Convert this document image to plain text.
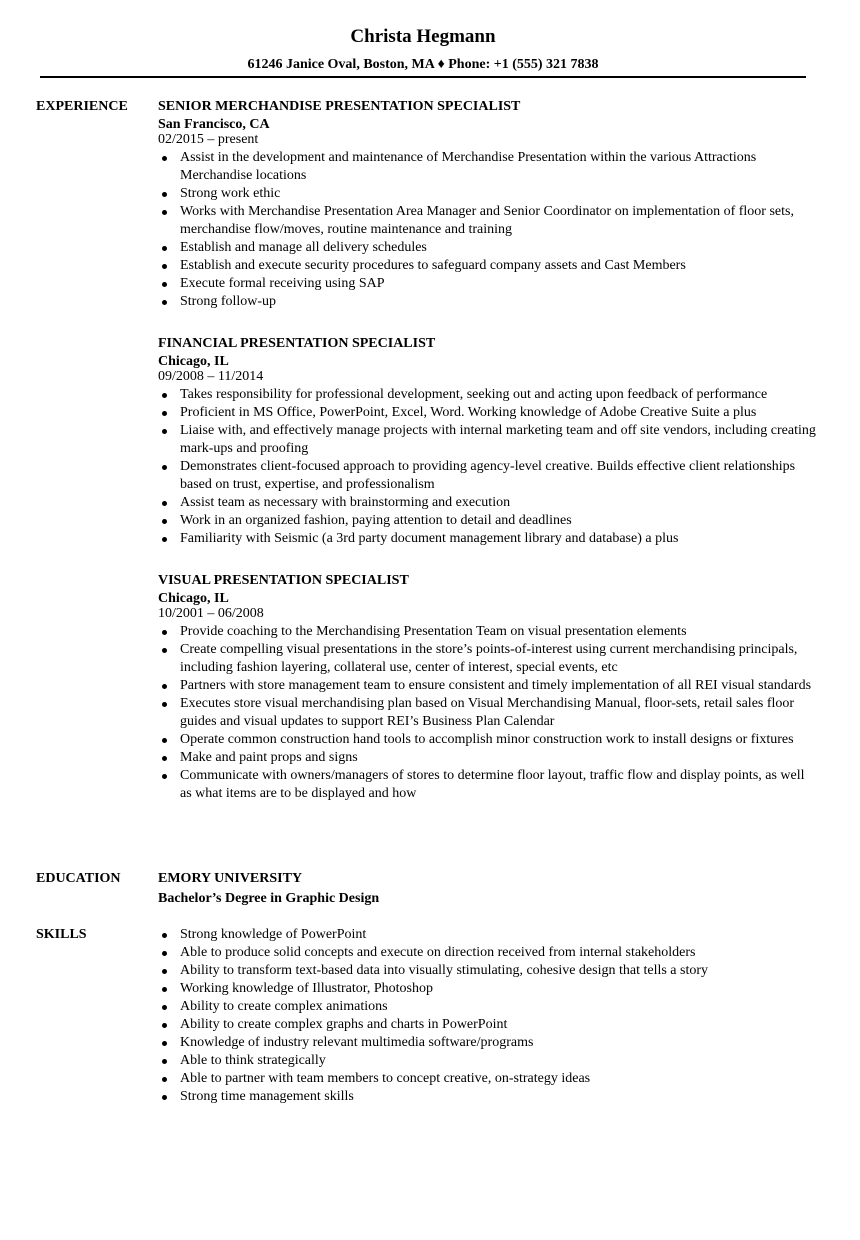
Christa Hegmann
61246 Janice Oval, Boston, MA ♦ Phone: +1 (555) 321 7838
EXPERIENCE SENIOR MERCHANDISE PRESENTATION SPECIALIST
San Francisco, CA
02/2015 – present
Assist in the development and maintenance of Merchandise Presentation within the various Attractions Merchandise locations
Strong work ethic
Works with Merchandise Presentation Area Manager and Senior Coordinator on implementation of floor sets, merchandise flow/moves, routine maintenance and training
Establish and manage all delivery schedules
Establish and execute security procedures to safeguard company assets and Cast Members
Execute formal receiving using SAP
Strong follow-up
FINANCIAL PRESENTATION SPECIALIST
Chicago, IL
09/2008 – 11/2014
Takes responsibility for professional development, seeking out and acting upon feedback of performance
Proficient in MS Office, PowerPoint, Excel, Word. Working knowledge of Adobe Creative Suite a plus
Liaise with, and effectively manage projects with internal marketing team and off site vendors, including creating mark-ups and proofing
Demonstrates client-focused approach to providing agency-level creative. Builds effective client relationships based on trust, expertise, and professionalism
Assist team as necessary with brainstorming and execution
Work in an organized fashion, paying attention to detail and deadlines
Familiarity with Seismic (a 3rd party document management library and database) a plus
VISUAL PRESENTATION SPECIALIST
Chicago, IL
10/2001 – 06/2008
Provide coaching to the Merchandising Presentation Team on visual presentation elements
Create compelling visual presentations in the store’s points-of-interest using current merchandising principals, including fashion layering, collateral use, center of interest, special events, etc
Partners with store management team to ensure consistent and timely implementation of all REI visual standards
Executes store visual merchandising plan based on Visual Merchandising Manual, floor-sets, retail sales floor guides and visual updates to support REI’s Business Plan Calendar
Operate common construction hand tools to accomplish minor construction work to install designs or fixtures
Make and paint props and signs
Communicate with owners/managers of stores to determine floor layout, traffic flow and display points, as well as what items are to be displayed and how
EDUCATION	EMORY UNIVERSITY
Bachelor’s Degree in Graphic Design
SKILLS	Strong knowledge of PowerPoint
Able to produce solid concepts and execute on direction received from internal stakeholders
Ability to transform text-based data into visually stimulating, cohesive design that tells a story
Working knowledge of Illustrator, Photoshop
Ability to create complex animations
Ability to create complex graphs and charts in PowerPoint
Knowledge of industry relevant multimedia software/programs
Able to think strategically
Able to partner with team members to concept creative, on-strategy ideas
Strong time management skills
